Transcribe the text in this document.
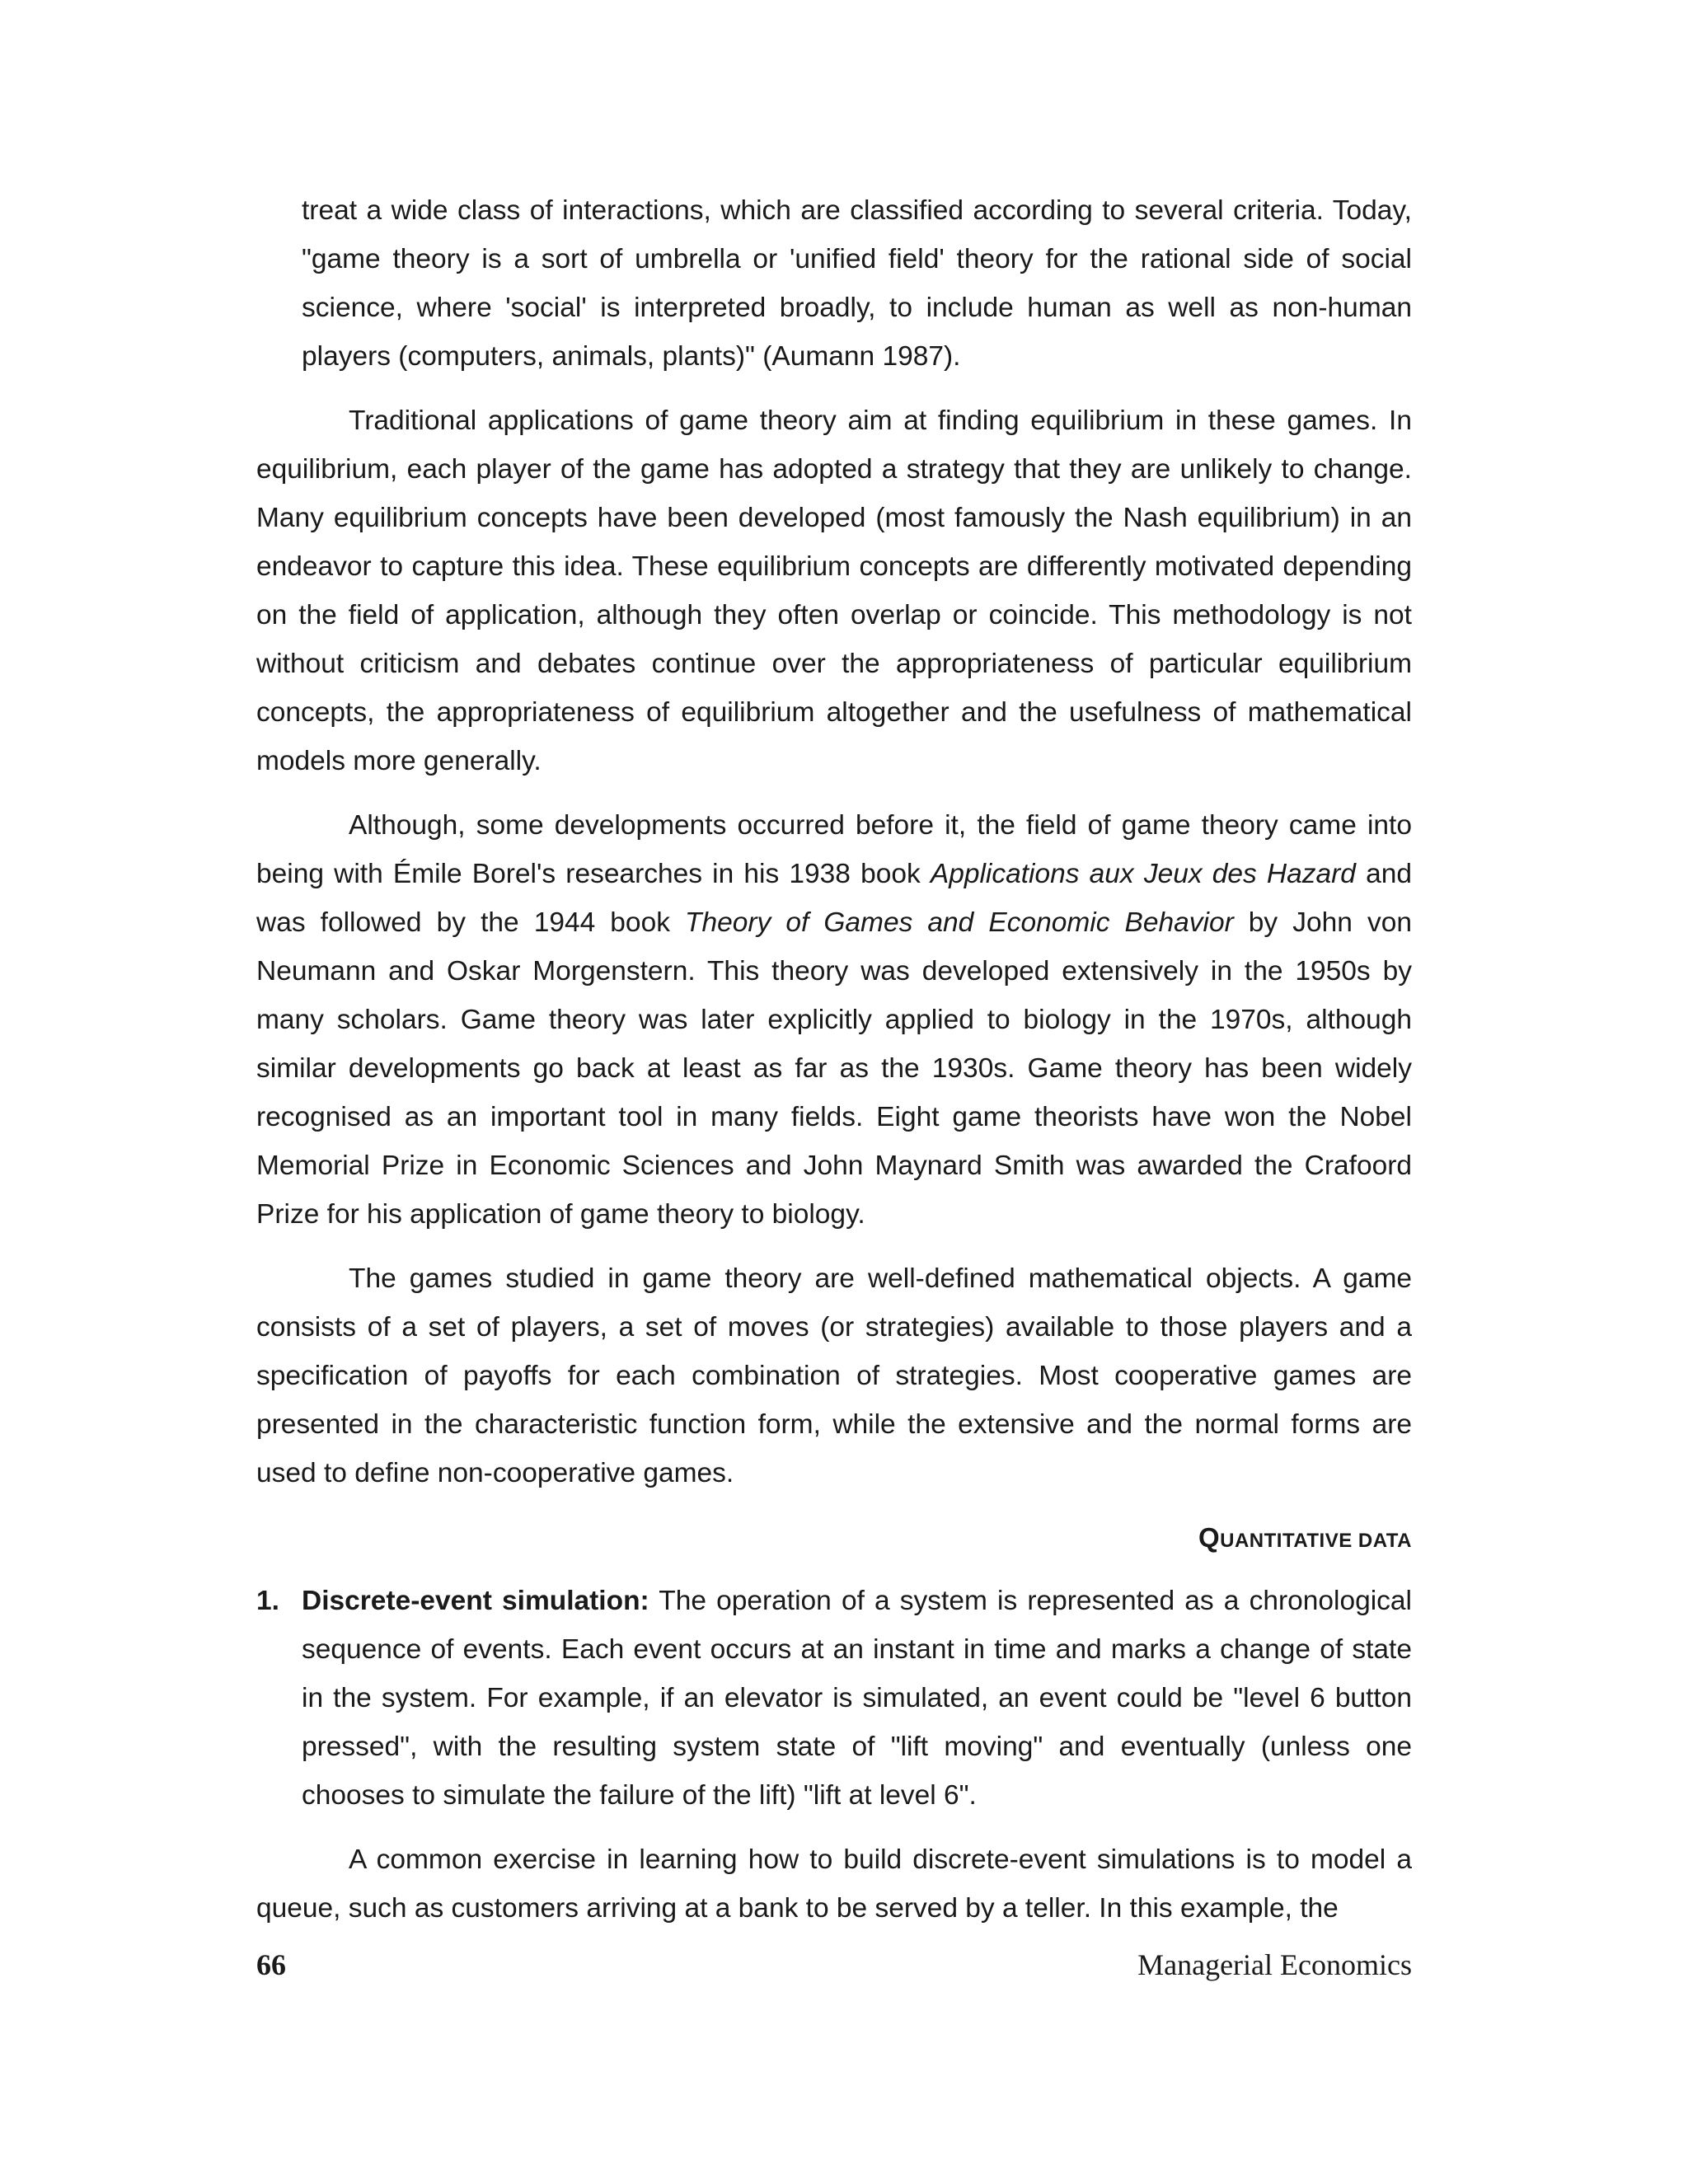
treat a wide class of interactions, which are classified according to several criteria. Today, "game theory is a sort of umbrella or 'unified field' theory for the rational side of social science, where 'social' is interpreted broadly, to include human as well as non-human players (computers, animals, plants)" (Aumann 1987).

Traditional applications of game theory aim at finding equilibrium in these games. In equilibrium, each player of the game has adopted a strategy that they are unlikely to change. Many equilibrium concepts have been developed (most famously the Nash equilibrium) in an endeavor to capture this idea. These equilibrium concepts are differently motivated depending on the field of application, although they often overlap or coincide. This methodology is not without criticism and debates continue over the appropriateness of particular equilibrium concepts, the appropriateness of equilibrium altogether and the usefulness of mathematical models more generally.

Although, some developments occurred before it, the field of game theory came into being with Émile Borel's researches in his 1938 book Applications aux Jeux des Hazard and was followed by the 1944 book Theory of Games and Economic Behavior by John von Neumann and Oskar Morgenstern. This theory was developed extensively in the 1950s by many scholars. Game theory was later explicitly applied to biology in the 1970s, although similar developments go back at least as far as the 1930s. Game theory has been widely recognised as an important tool in many fields. Eight game theorists have won the Nobel Memorial Prize in Economic Sciences and John Maynard Smith was awarded the Crafoord Prize for his application of game theory to biology.

The games studied in game theory are well-defined mathematical objects. A game consists of a set of players, a set of moves (or strategies) available to those players and a specification of payoffs for each combination of strategies. Most cooperative games are presented in the characteristic function form, while the extensive and the normal forms are used to define non-cooperative games.

QUANTITATIVE DATA

1. Discrete-event simulation: The operation of a system is represented as a chronological sequence of events. Each event occurs at an instant in time and marks a change of state in the system. For example, if an elevator is simulated, an event could be "level 6 button pressed", with the resulting system state of "lift moving" and eventually (unless one chooses to simulate the failure of the lift) "lift at level 6".

A common exercise in learning how to build discrete-event simulations is to model a queue, such as customers arriving at a bank to be served by a teller. In this example, the

66	Managerial Economics
